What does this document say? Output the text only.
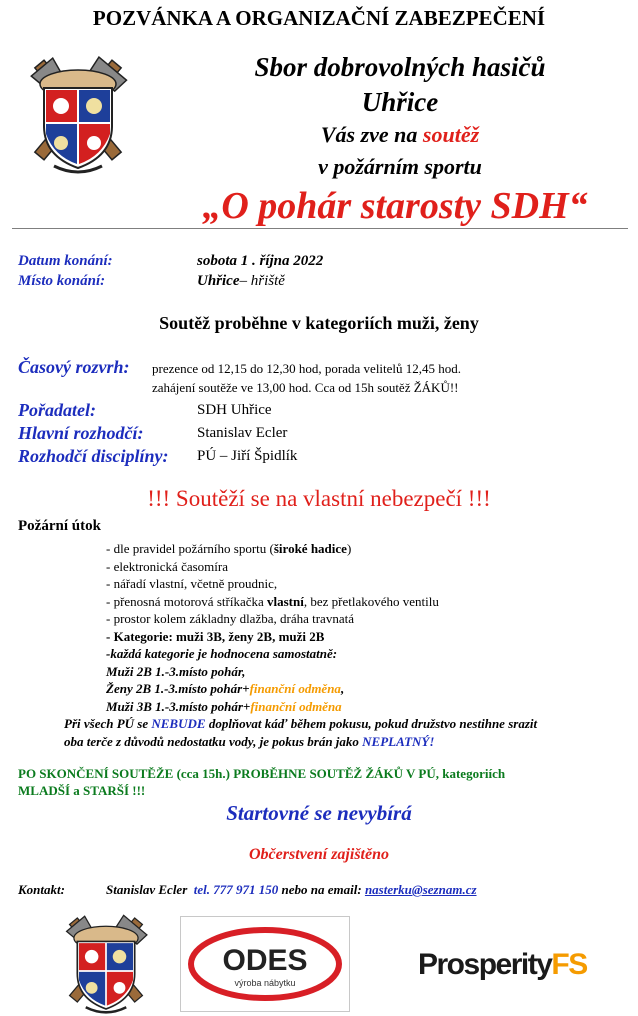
POZVÁNKA A ORGANIZAČNÍ ZABEZPEČENÍ
Sbor dobrovolných hasičů
Uhřice
Vás zve na soutěž
v požárním sportu
„O pohár starosty SDH“
Datum konání:	sobota 1 . října 2022
Místo konání:	Uhřice– hřiště
Soutěž proběhne v kategoriích muži, ženy
Časový rozvrh: prezence od 12,15 do 12,30 hod, porada velitelů 12,45 hod.
zahájení soutěže ve 13,00 hod. Cca od 15h soutěž ŽÁKŮ!!
Pořadatel:	SDH Uhřice
Hlavní rozhodčí:	Stanislav Ecler
Rozhodčí disciplíny: PÚ – Jiří Špidlík
!!! Soutěží se na vlastní nebezpečí !!!
Požární útok
- dle pravidel požárního sportu (široké hadice)
- elektronická časomíra
- nářadí vlastní, včetně proudnic,
- přenosná motorová stříkačka vlastní, bez přetlakového ventilu
- prostor kolem základny dlažba, dráha travnatá
- Kategorie: muži 3B, ženy 2B, muži 2B
-každá kategorie je hodnocena samostatně:
Muži 2B 1.-3.místo pohár,
Ženy 2B 1.-3.místo pohár+finanční odměna,
Muži 3B 1.-3.místo pohár+finanční odměna
Při všech PÚ se NEBUDE doplňovat káď během pokusu, pokud družstvo nestihne srazit
oba terče z důvodů nedostatku vody, je pokus brán jako NEPLATNÝ!
PO SKONČENÍ SOUTĚŽE (cca 15h.) PROBĚHNE SOUTĚŽ ŽÁKŮ V PÚ, kategoriích
MLADŠÍ a STARŠÍ !!!
Startovné se nevybírá
Občerstvení zajištěno
Kontakt:	Stanislav Ecler tel. 777 971 150 nebo na email: nasterku@seznam.cz
ODES
výroba nábytku
ProsperityFS
